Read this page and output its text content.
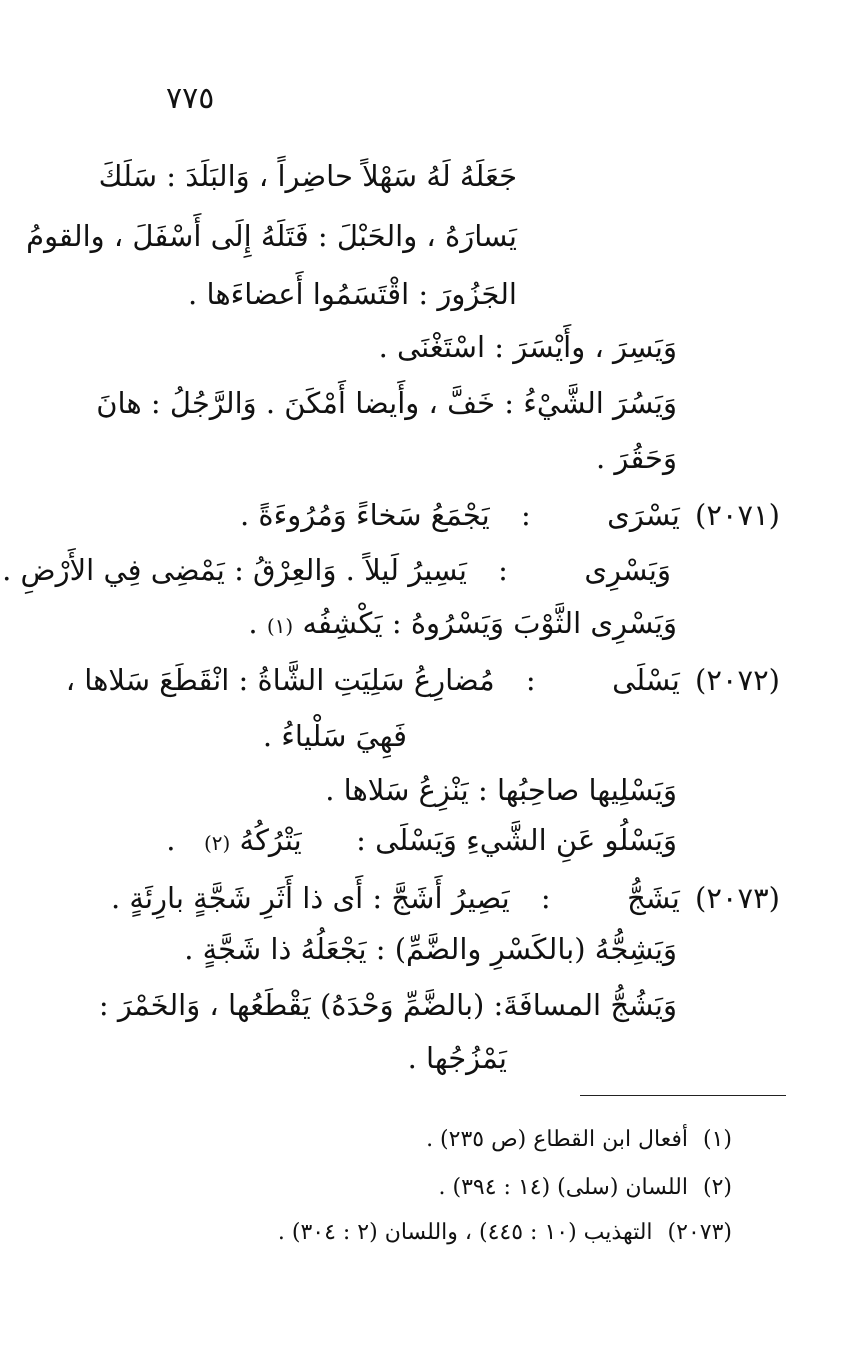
٧٧٥
جَعَلَهُ لَهُ سَهْلاً حاضِراً ، وَالبَلَدَ : سَلَكَ
يَسارَهُ ، والحَبْلَ : فَتَلَهُ إِلَى أَسْفَلَ ، والقومُ
الجَزُورَ : اقْتَسَمُوا أَعضاءَها .
وَيَسِرَ ، وأَيْسَرَ : اسْتَغْنَى .
وَيَسُرَ الشَّيْءُ : خَفَّ ، وأَيضا أَمْكَنَ . وَالرَّجُلُ : هانَ
وَحَقُرَ .
(٢٠٧١) يَسْرَى  : يَجْمَعُ سَخاءً وَمُرُوءَةً .
وَيَسْرِى  : يَسِيرُ لَيلاً . وَالعِرْقُ : يَمْضِى فِي الأَرْضِ .
وَيَسْرِى الثَّوْبَ وَيَسْرُوهُ : يَكْشِفُه (١) .
(٢٠٧٢) يَسْلَى  : مُضارِعُ سَلِيَتِ الشَّاةُ : انْقَطَعَ سَلاها ،
فَهِيَ سَلْياءُ .
وَيَسْلِيها صاحِبُها : يَنْزِعُ سَلاها .
وَيَسْلُو عَنِ الشَّيءِ وَيَسْلَى :  يَتْرُكُهُ (٢)  .
(٢٠٧٣) يَشَجُّ  : يَصِيرُ أَشَجَّ : أَى ذا أَثَرِ شَجَّةٍ بارِئَةٍ .
وَيَشِجُّهُ (بالكَسْرِ والضَّمِّ) : يَجْعَلُهُ ذا شَجَّةٍ .
وَيَشُجُّ المسافَةَ: (بالضَّمِّ وَحْدَهُ) يَقْطَعُها ، وَالخَمْرَ :
يَمْزُجُها .
(١) أفعال ابن القطاع (ص ٢٣٥) .
(٢) اللسان (سلى) (١٤ : ٣٩٤) .
(٢٠٧٣) التهذيب (١٠ : ٤٤٥) ، واللسان (٢ : ٣٠٤) .
